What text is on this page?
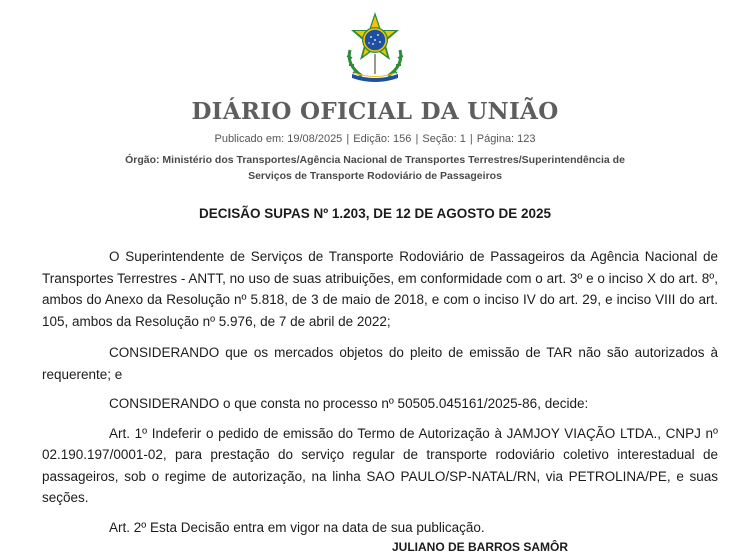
DIÁRIO OFICIAL DA UNIÃO
Publicado em: 19/08/2025 | Edição: 156 | Seção: 1 | Página: 123
Órgão: Ministério dos Transportes/Agência Nacional de Transportes Terrestres/Superintendência de Serviços de Transporte Rodoviário de Passageiros
DECISÃO SUPAS Nº 1.203, DE 12 DE AGOSTO DE 2025

O Superintendente de Serviços de Transporte Rodoviário de Passageiros da Agência Nacional de Transportes Terrestres - ANTT, no uso de suas atribuições, em conformidade com o art. 3º e o inciso X do art. 8º, ambos do Anexo da Resolução nº 5.818, de 3 de maio de 2018, e com o inciso IV do art. 29, e inciso VIII do art. 105, ambos da Resolução nº 5.976, de 7 de abril de 2022;

CONSIDERANDO que os mercados objetos do pleito de emissão de TAR não são autorizados à requerente; e

CONSIDERANDO o que consta no processo nº 50505.045161/2025-86, decide:

Art. 1º Indeferir o pedido de emissão do Termo de Autorização à JAMJOY VIAÇÃO LTDA., CNPJ nº 02.190.197/0001-02, para prestação do serviço regular de transporte rodoviário coletivo interestadual de passageiros, sob o regime de autorização, na linha SAO PAULO/SP-NATAL/RN, via PETROLINA/PE, e suas seções.

Art. 2º Esta Decisão entra em vigor na data de sua publicação.

JULIANO DE BARROS SAMÔR
